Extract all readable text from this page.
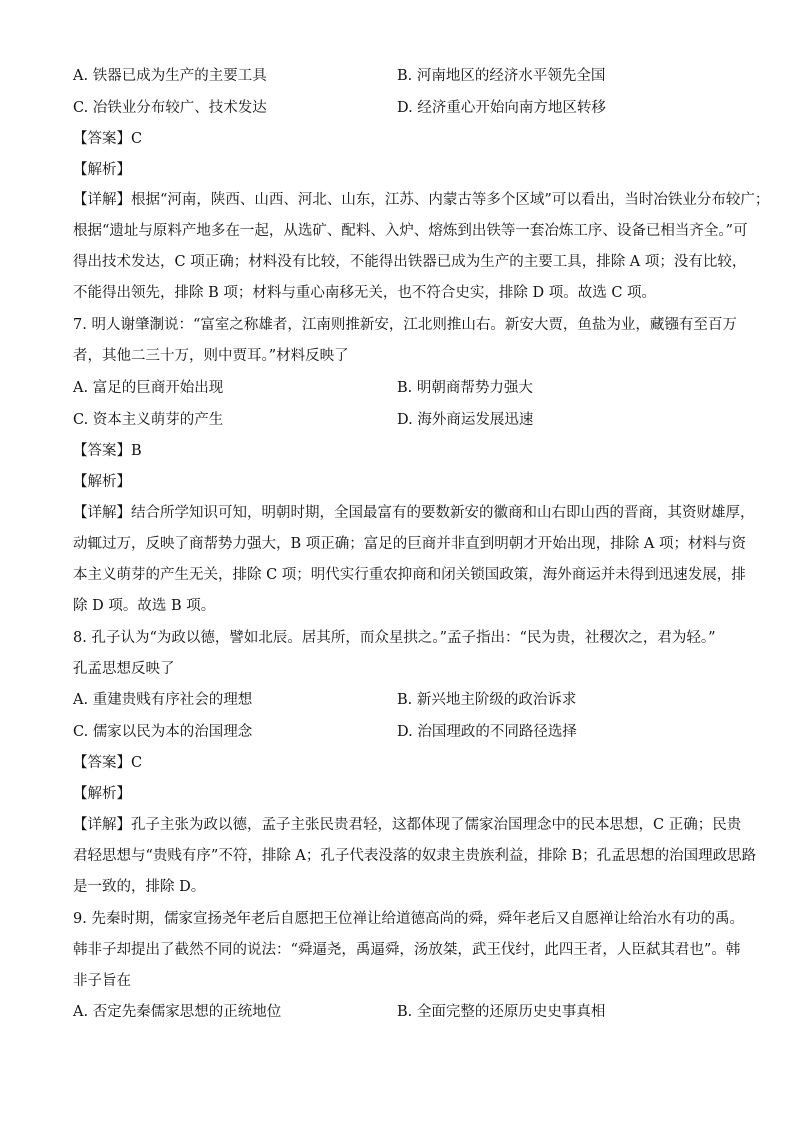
A. 铁器已成为生产的主要工具	B. 河南地区的经济水平领先全国
C. 冶铁业分布较广、技术发达	D. 经济重心开始向南方地区转移
【答案】C
【解析】
【详解】根据“河南，陕西、山西、河北、山东，江苏、内蒙古等多个区域”可以看出，当时冶铁业分布较广；
根据“遗址与原料产地多在一起，从选矿、配料、入炉、熔炼到出铁等一套冶炼工序、设备已相当齐全。”可
得出技术发达，C 项正确；材料没有比较，不能得出铁器已成为生产的主要工具，排除 A 项；没有比较，
不能得出领先，排除 B 项；材料与重心南移无关，也不符合史实，排除 D 项。故选 C 项。
7. 明人谢肇淛说：“富室之称雄者，江南则推新安，江北则推山右。新安大贾，鱼盐为业，藏镪有至百万
者，其他二三十万，则中贾耳。”材料反映了
A. 富足的巨商开始出现	B. 明朝商帮势力强大
C. 资本主义萌芽的产生	D. 海外商运发展迅速
【答案】B
【解析】
【详解】结合所学知识可知，明朝时期，全国最富有的要数新安的徽商和山右即山西的晋商，其资财雄厚，
动辄过万，反映了商帮势力强大，B 项正确；富足的巨商并非直到明朝才开始出现，排除 A 项；材料与资
本主义萌芽的产生无关，排除 C 项；明代实行重农抑商和闭关锁国政策，海外商运并未得到迅速发展，排
除 D 项。故选 B 项。
8. 孔子认为“为政以德，譬如北辰。居其所，而众星拱之。”孟子指出：“民为贵，社稷次之，君为轻。”
孔孟思想反映了
A. 重建贵贱有序社会的理想	B. 新兴地主阶级的政治诉求
C. 儒家以民为本的治国理念	D. 治国理政的不同路径选择
【答案】C
【解析】
【详解】孔子主张为政以德，孟子主张民贵君轻，这都体现了儒家治国理念中的民本思想，C 正确；民贵
君轻思想与“贵贱有序”不符，排除 A；孔子代表没落的奴隶主贵族利益，排除 B；孔孟思想的治国理政思路
是一致的，排除 D。
9. 先秦时期，儒家宣扬尧年老后自愿把王位禅让给道德高尚的舜，舜年老后又自愿禅让给治水有功的禹。
韩非子却提出了截然不同的说法：“舜逼尧，禹逼舜，汤放桀，武王伐纣，此四王者，人臣弑其君也”。韩
非子旨在
A. 否定先秦儒家思想的正统地位	B. 全面完整的还原历史史事真相
